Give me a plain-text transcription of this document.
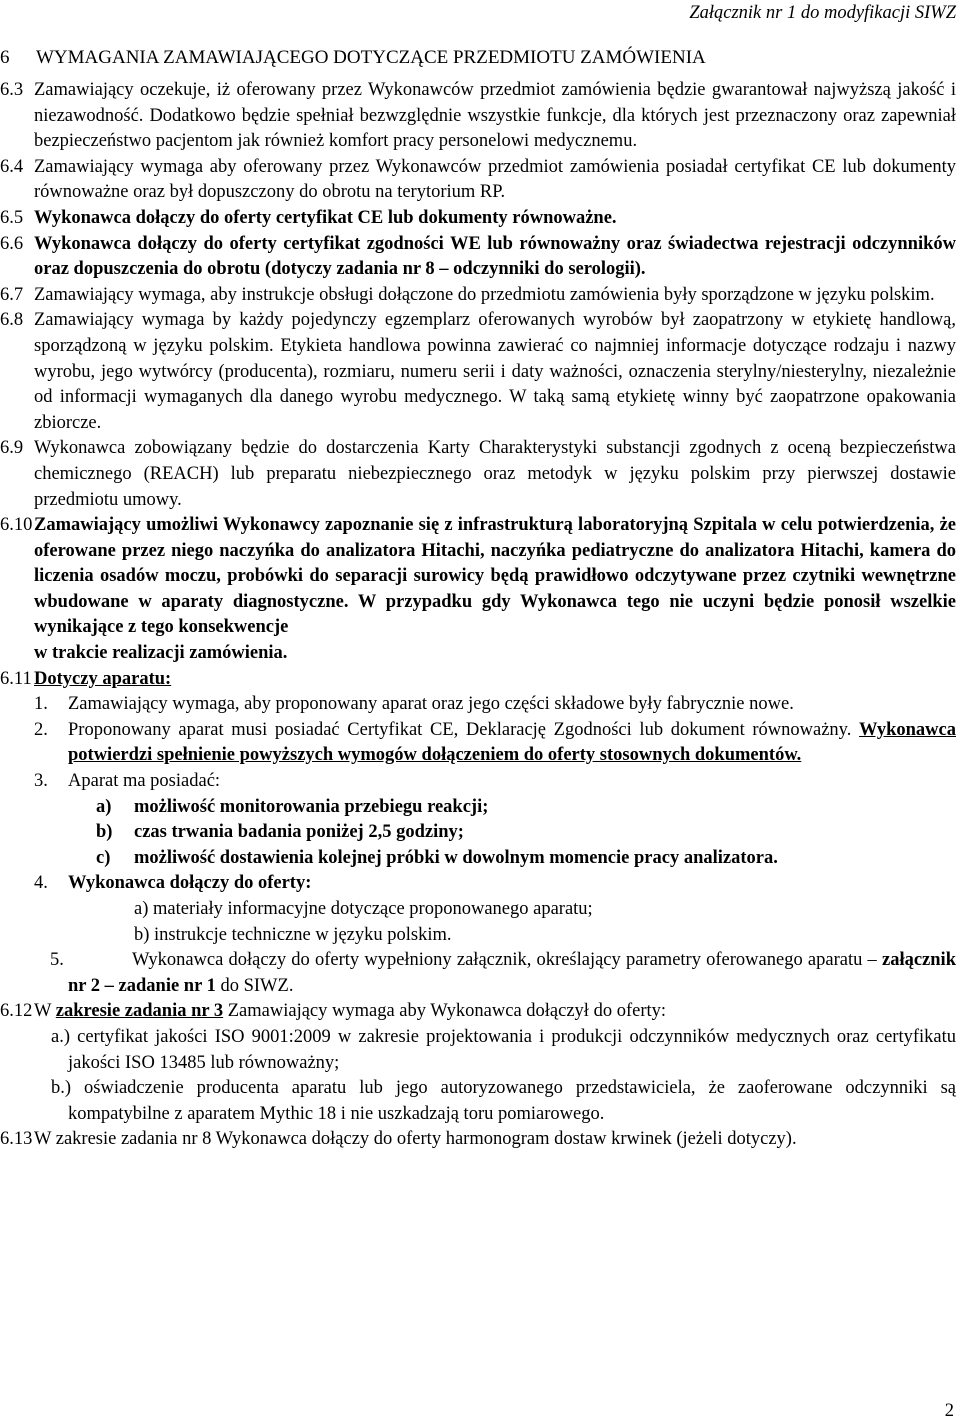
Załącznik nr 1 do modyfikacji SIWZ
6 WYMAGANIA ZAMAWIAJĄCEGO DOTYCZĄCE PRZEDMIOTU ZAMÓWIENIA
6.3 Zamawiający oczekuje, iż oferowany przez Wykonawców przedmiot zamówienia będzie gwarantował najwyższą jakość i niezawodność. Dodatkowo będzie spełniał bezwzględnie wszystkie funkcje, dla których jest przeznaczony oraz zapewniał bezpieczeństwo pacjentom jak również komfort pracy personelowi medycznemu.
6.4 Zamawiający wymaga aby oferowany przez Wykonawców przedmiot zamówienia posiadał certyfikat CE lub dokumenty równoważne oraz był dopuszczony do obrotu na terytorium RP.
6.5 Wykonawca dołączy do oferty certyfikat CE lub dokumenty równoważne.
6.6 Wykonawca dołączy do oferty certyfikat zgodności WE lub równoważny oraz świadectwa rejestracji odczynników oraz dopuszczenia do obrotu (dotyczy zadania nr 8 – odczynniki do serologii).
6.7 Zamawiający wymaga, aby instrukcje obsługi dołączone do przedmiotu zamówienia były sporządzone w języku polskim.
6.8 Zamawiający wymaga by każdy pojedynczy egzemplarz oferowanych wyrobów był zaopatrzony w etykietę handlową, sporządzoną w języku polskim. Etykieta handlowa powinna zawierać co najmniej informacje dotyczące rodzaju i nazwy wyrobu, jego wytwórcy (producenta), rozmiaru, numeru serii i daty ważności, oznaczenia sterylny/niesterylny, niezależnie od informacji wymaganych dla danego wyrobu medycznego. W taką samą etykietę winny być zaopatrzone opakowania zbiorcze.
6.9 Wykonawca zobowiązany będzie do dostarczenia Karty Charakterystyki substancji zgodnych z oceną bezpieczeństwa chemicznego (REACH) lub preparatu niebezpiecznego oraz metodyk w języku polskim przy pierwszej dostawie przedmiotu umowy.
6.10 Zamawiający umożliwi Wykonawcy zapoznanie się z infrastrukturą laboratoryjną Szpitala w celu potwierdzenia, że oferowane przez niego naczyńka do analizatora Hitachi, naczyńka pediatryczne do analizatora Hitachi, kamera do liczenia osadów moczu, probówki do separacji surowicy będą prawidłowo odczytywane przez czytniki wewnętrzne wbudowane w aparaty diagnostyczne. W przypadku gdy Wykonawca tego nie uczyni będzie ponosił wszelkie wynikające z tego konsekwencje
w trakcie realizacji zamówienia.
6.11 Dotyczy aparatu:
1. Zamawiający wymaga, aby proponowany aparat oraz jego części składowe były fabrycznie nowe.
2. Proponowany aparat musi posiadać Certyfikat CE, Deklarację Zgodności lub dokument równoważny. Wykonawca potwierdzi spełnienie powyższych wymogów dołączeniem do oferty stosownych dokumentów.
3. Aparat ma posiadać:
a) możliwość monitorowania przebiegu reakcji;
b) czas trwania badania poniżej 2,5 godziny;
c) możliwość dostawienia kolejnej próbki w dowolnym momencie pracy analizatora.
4. Wykonawca dołączy do oferty:
a) materiały informacyjne dotyczące proponowanego aparatu;
b) instrukcje techniczne w języku polskim.
5.	Wykonawca dołączy do oferty wypełniony załącznik, określający parametry oferowanego aparatu – załącznik nr 2 – zadanie nr 1 do SIWZ.
6.12 W zakresie zadania nr 3 Zamawiający wymaga aby Wykonawca dołączył do oferty:
a.) certyfikat jakości ISO 9001:2009 w zakresie projektowania i produkcji odczynników medycznych oraz certyfikatu jakości ISO 13485 lub równoważny;
b.) oświadczenie producenta aparatu lub jego autoryzowanego przedstawiciela, że zaoferowane odczynniki są kompatybilne z aparatem Mythic 18 i nie uszkadzają toru pomiarowego.
6.13 W zakresie zadania nr 8 Wykonawca dołączy do oferty harmonogram dostaw krwinek (jeżeli dotyczy).
2
